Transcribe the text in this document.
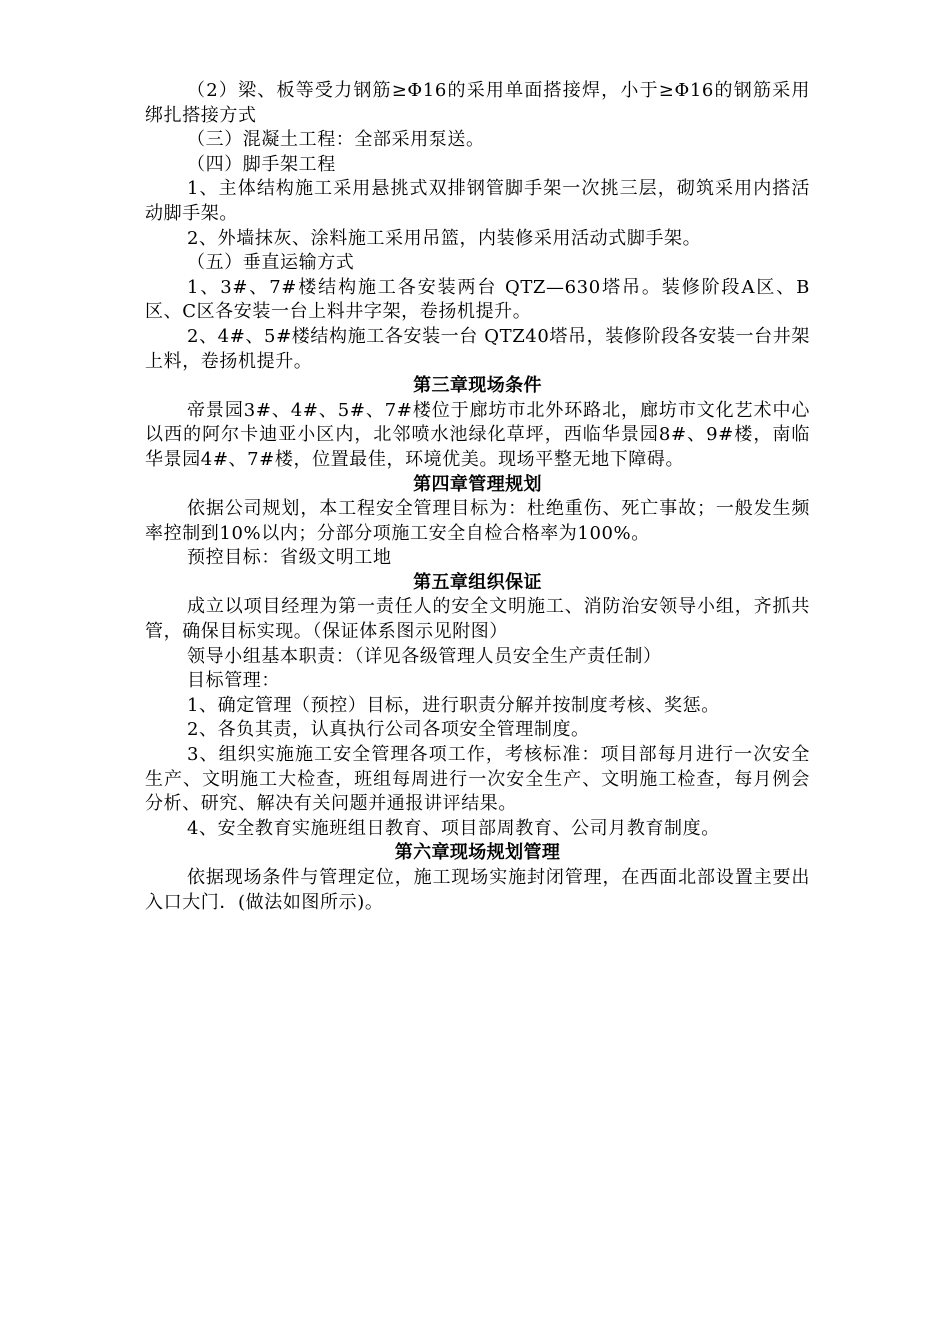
（2）梁、板等受力钢筋≥Φ16的采用单面搭接焊，小于≥Φ16的钢筋采用绑扎搭接方式

（三）混凝土工程：全部采用泵送。

（四）脚手架工程

1、主体结构施工采用悬挑式双排钢管脚手架一次挑三层，砌筑采用内搭活动脚手架。

2、外墙抹灰、涂料施工采用吊篮，内装修采用活动式脚手架。

（五）垂直运输方式

1、3#、7#楼结构施工各安装两台 QTZ—630塔吊。装修阶段A区、B区、C区各安装一台上料井字架，卷扬机提升。

2、4#、5#楼结构施工各安装一台 QTZ40塔吊，装修阶段各安装一台井架上料，卷扬机提升。

第三章现场条件

帝景园3#、4#、5#、7#楼位于廊坊市北外环路北，廊坊市文化艺术中心以西的阿尔卡迪亚小区内，北邻喷水池绿化草坪，西临华景园8#、9#楼，南临华景园4#、7#楼，位置最佳，环境优美。现场平整无地下障碍。

第四章管理规划

依据公司规划，本工程安全管理目标为：杜绝重伤、死亡事故；一般发生频率控制到10%以内；分部分项施工安全自检合格率为100%。

预控目标：省级文明工地

第五章组织保证

成立以项目经理为第一责任人的安全文明施工、消防治安领导小组，齐抓共管，确保目标实现。（保证体系图示见附图）

领导小组基本职责：（详见各级管理人员安全生产责任制）

目标管理：

1、确定管理（预控）目标，进行职责分解并按制度考核、奖惩。

2、各负其责，认真执行公司各项安全管理制度。

3、组织实施施工安全管理各项工作，考核标准：项目部每月进行一次安全生产、文明施工大检查，班组每周进行一次安全生产、文明施工检查，每月例会分析、研究、解决有关问题并通报讲评结果。

4、安全教育实施班组日教育、项目部周教育、公司月教育制度。

第六章现场规划管理

依据现场条件与管理定位，施工现场实施封闭管理，在西面北部设置主要出入口大门．(做法如图所示)。
